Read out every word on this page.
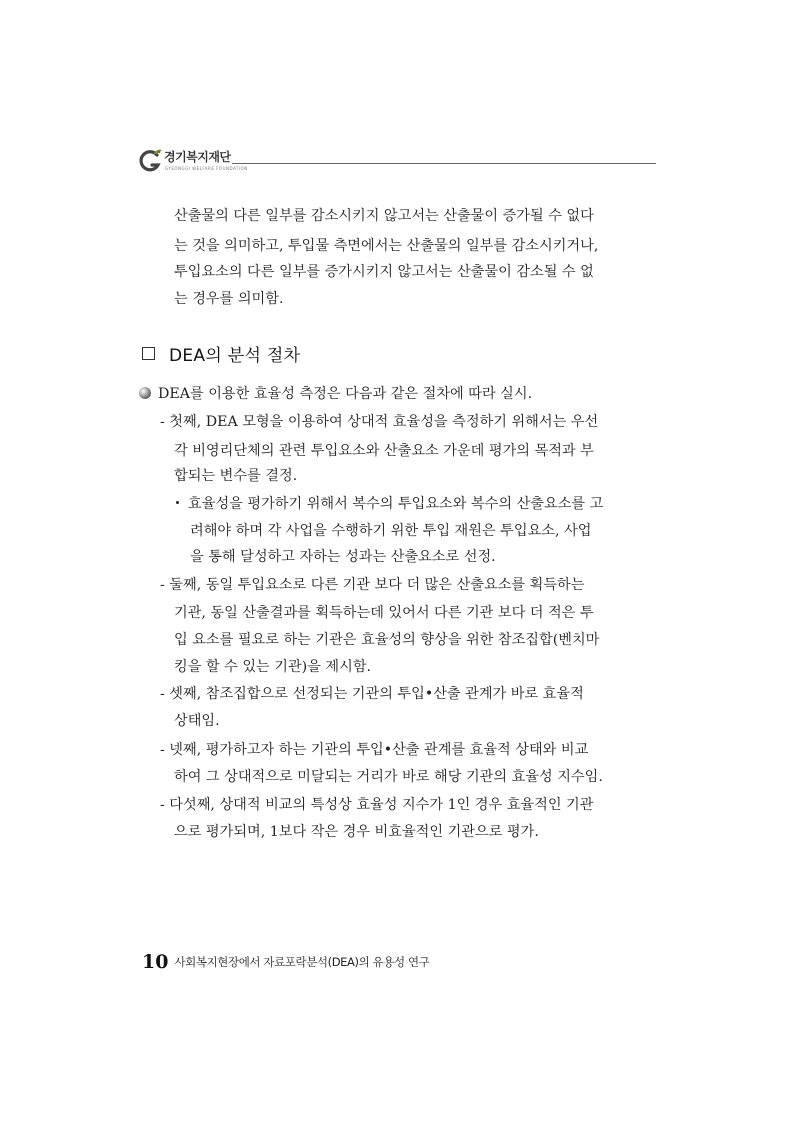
경기복지재단
GYEONGGI WELFARE FOUNDATION
산출물의 다른 일부를 감소시키지 않고서는 산출물이 증가될 수 없다
는 것을 의미하고, 투입물 측면에서는 산출물의 일부를 감소시키거나,
투입요소의 다른 일부를 증가시키지 않고서는 산출물이 감소될 수 없
는 경우를 의미함.
DEA의 분석 절차
DEA를 이용한 효율성 측정은 다음과 같은 절차에 따라 실시.
- 첫째, DEA 모형을 이용하여 상대적 효율성을 측정하기 위해서는 우선
각 비영리단체의 관련 투입요소와 산출요소 가운데 평가의 목적과 부
합되는 변수를 결정.
효율성을 평가하기 위해서 복수의 투입요소와 복수의 산출요소를 고
려해야 하며 각 사업을 수행하기 위한 투입 재원은 투입요소, 사업
을 통해 달성하고 자하는 성과는 산출요소로 선정.
- 둘째, 동일 투입요소로 다른 기관 보다 더 많은 산출요소를 획득하는
기관, 동일 산출결과를 획득하는데 있어서 다른 기관 보다 더 적은 투
입 요소를 필요로 하는 기관은 효율성의 향상을 위한 참조집합(벤치마
킹을 할 수 있는 기관)을 제시함.
- 셋째, 참조집합으로 선정되는 기관의 투입•산출 관계가 바로 효율적
상태임.
- 넷째, 평가하고자 하는 기관의 투입•산출 관계를 효율적 상태와 비교
하여 그 상대적으로 미달되는 거리가 바로 해당 기관의 효율성 지수임.
- 다섯째, 상대적 비교의 특성상 효율성 지수가 1인 경우 효율적인 기관
으로 평가되며, 1보다 작은 경우 비효율적인 기관으로 평가.
10 사회복지현장에서 자료포락분석(DEA)의 유용성 연구
